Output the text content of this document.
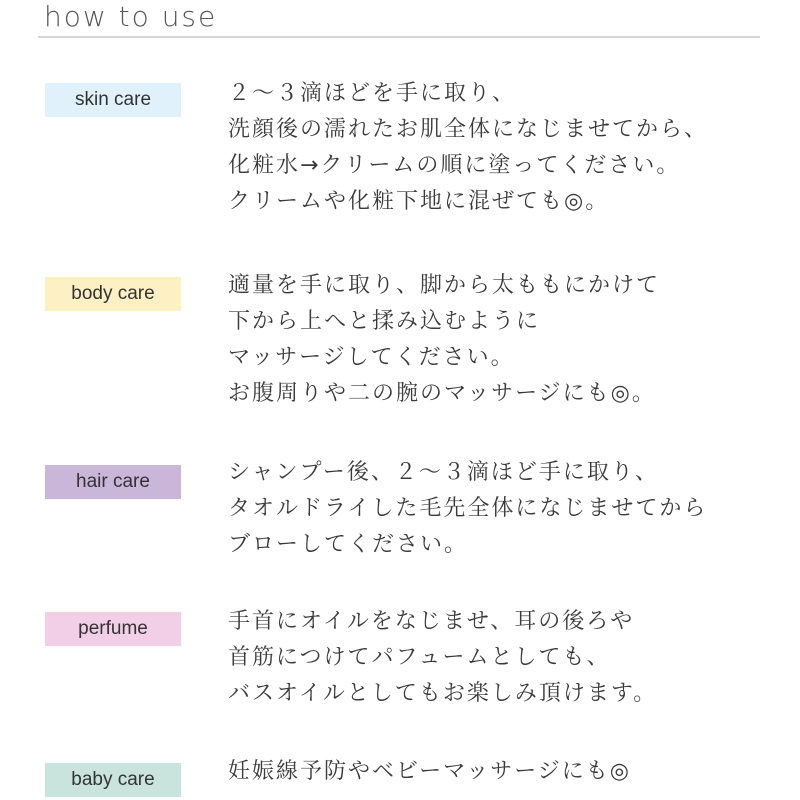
how to use
skin care	２～３滴ほどを手に取り、
洗顔後の濡れたお肌全体になじませてから、
化粧水→クリームの順に塗ってください。
クリームや化粧下地に混ぜても◎。
body care	適量を手に取り、脚から太ももにかけて
下から上へと揉み込むように
マッサージしてください。
お腹周りや二の腕のマッサージにも◎。
hair care	シャンプー後、２～３滴ほど手に取り、
タオルドライした毛先全体になじませてから
ブローしてください。
perfume	手首にオイルをなじませ、耳の後ろや
首筋につけてパフュームとしても、
バスオイルとしてもお楽しみ頂けます。
baby care	妊娠線予防やベビーマッサージにも◎
